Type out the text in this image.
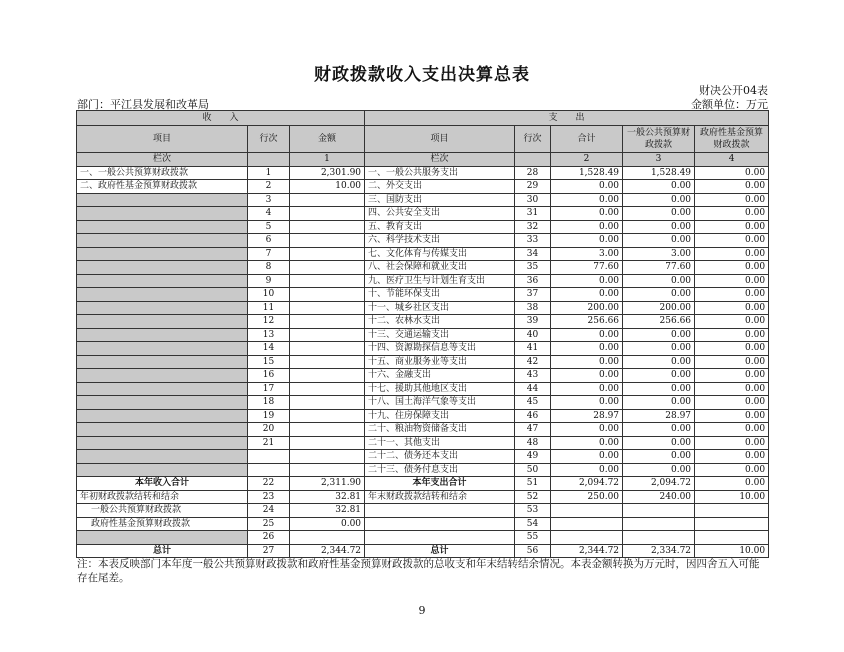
财政拨款收入支出决算总表
财决公开04表
部门：平江县发展和改革局	金额单位：万元
收　　入			支　　出				
项目	行次	金额	项目	行次	合计	一般公共预算财政拨款	政府性基金预算财政拨款
栏次		1	栏次		2	3	4
一、一般公共预算财政拨款	1	2,301.90	一、一般公共服务支出	28	1,528.49	1,528.49	0.00
二、政府性基金预算财政拨款	2	10.00	二、外交支出	29	0.00	0.00	0.00
	3		三、国防支出	30	0.00	0.00	0.00
	4		四、公共安全支出	31	0.00	0.00	0.00
	5		五、教育支出	32	0.00	0.00	0.00
	6		六、科学技术支出	33	0.00	0.00	0.00
	7		七、文化体育与传媒支出	34	3.00	3.00	0.00
	8		八、社会保障和就业支出	35	77.60	77.60	0.00
	9		九、医疗卫生与计划生育支出	36	0.00	0.00	0.00
	10		十、节能环保支出	37	0.00	0.00	0.00
	11		十一、城乡社区支出	38	200.00	200.00	0.00
	12		十二、农林水支出	39	256.66	256.66	0.00
	13		十三、交通运输支出	40	0.00	0.00	0.00
	14		十四、资源勘探信息等支出	41	0.00	0.00	0.00
	15		十五、商业服务业等支出	42	0.00	0.00	0.00
	16		十六、金融支出	43	0.00	0.00	0.00
	17		十七、援助其他地区支出	44	0.00	0.00	0.00
	18		十八、国土海洋气象等支出	45	0.00	0.00	0.00
	19		十九、住房保障支出	46	28.97	28.97	0.00
	20		二十、粮油物资储备支出	47	0.00	0.00	0.00
	21		二十一、其他支出	48	0.00	0.00	0.00
			二十二、债务还本支出	49	0.00	0.00	0.00
			二十三、债务付息支出	50	0.00	0.00	0.00
本年收入合计	22	2,311.90	本年支出合计	51	2,094.72	2,094.72	0.00
年初财政拨款结转和结余	23	32.81	年末财政拨款结转和结余	52	250.00	240.00	10.00
一般公共预算财政拨款	24	32.81		53			
政府性基金预算财政拨款	25	0.00		54			
	26			55			
总计	27	2,344.72	总计	56	2,344.72	2,334.72	10.00
注：本表反映部门本年度一般公共预算财政拨款和政府性基金预算财政拨款的总收支和年末结转结余情况。本表金额转换为万元时，因四舍五入可能存在尾差。
9
